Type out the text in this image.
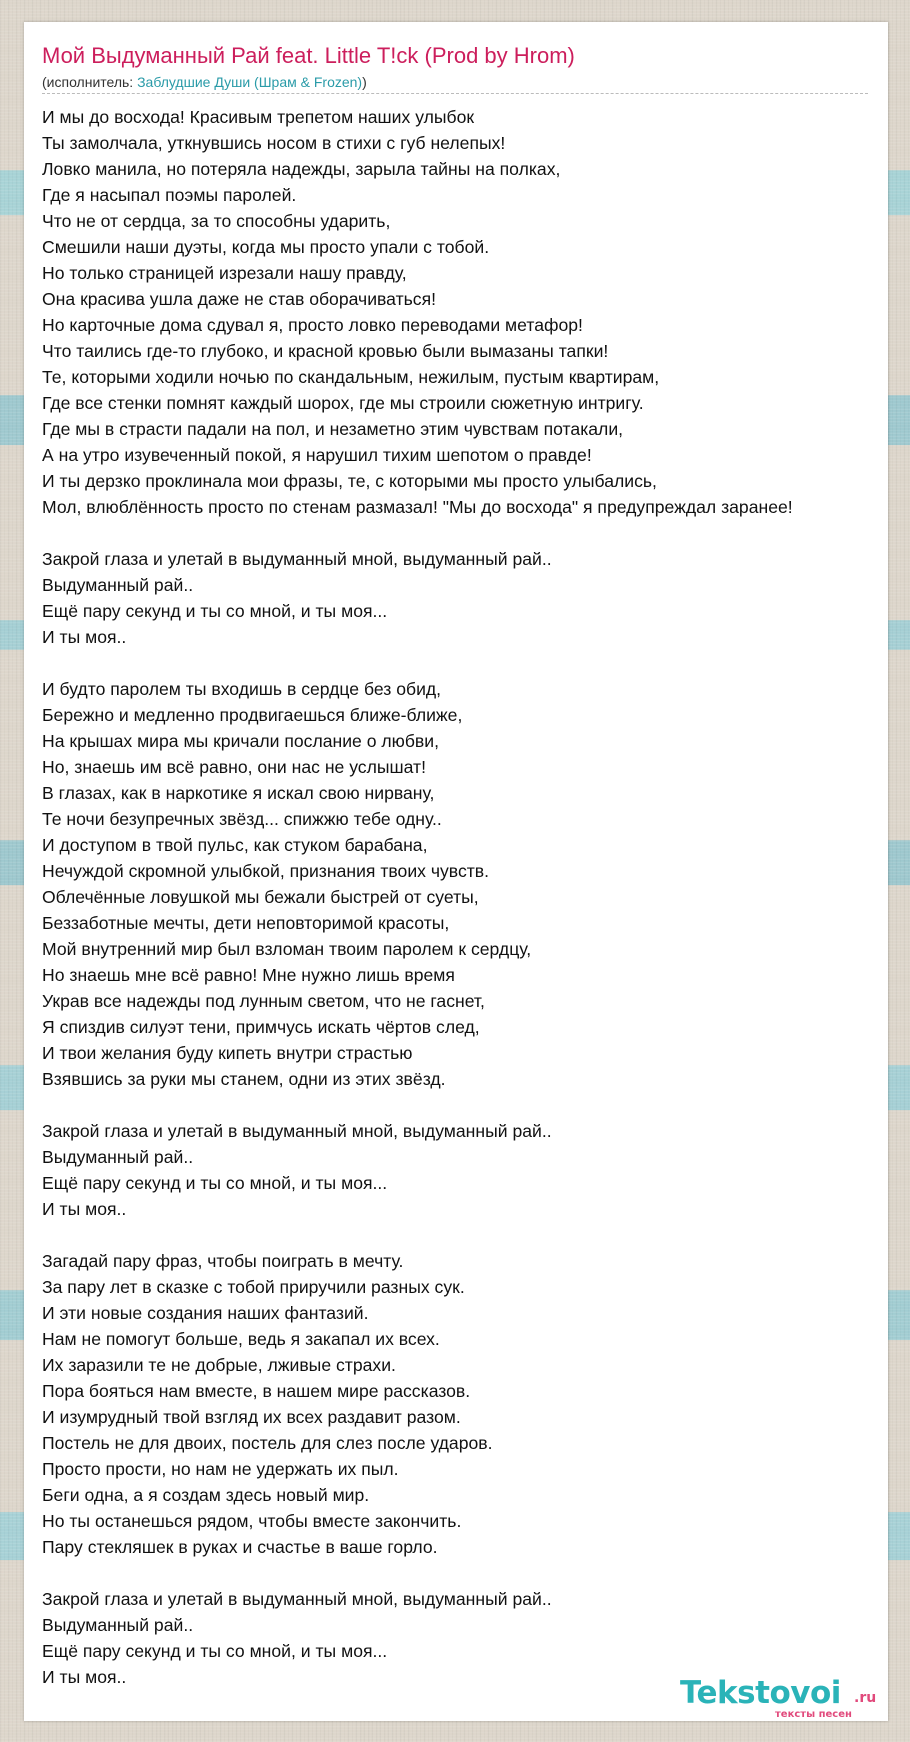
Мой Выдуманный Рай feat. Little T!ck (Prod by Hrom)
(исполнитель: Заблудшие Души (Шрам & Frozen))
И мы до восхода! Красивым трепетом наших улыбок
Ты замолчала, уткнувшись носом в стихи с губ нелепых!
Ловко манила, но потеряла надежды, зарыла тайны на полках,
Где я насыпал поэмы паролей.
Что не от сердца, за то способны ударить,
Смешили наши дуэты, когда мы просто упали с тобой.
Но только страницей изрезали нашу правду,
Она красива ушла даже не став оборачиваться!
Но карточные дома сдувал я, просто ловко переводами метафор!
Что таились где-то глубоко, и красной кровью были вымазаны тапки!
Те, которыми ходили ночью по скандальным, нежилым, пустым квартирам,
Где все стенки помнят каждый шорох, где мы строили сюжетную интригу.
Где мы в страсти падали на пол, и незаметно этим чувствам потакали,
А на утро изувеченный покой, я нарушил тихим шепотом о правде!
И ты дерзко проклинала мои фразы, те, с которыми мы просто улыбались,
Мол, влюблённость просто по стенам размазал! "Мы до восхода" я предупреждал заранее!
Закрой глаза и улетай в выдуманный мной, выдуманный рай..
Выдуманный рай..
Ещё пару секунд и ты со мной, и ты моя...
И ты моя..
И будто паролем ты входишь в сердце без обид,
Бережно и медленно продвигаешься ближе-ближе,
На крышах мира мы кричали послание о любви,
Но, знаешь им всё равно, они нас не услышат!
В глазах, как в наркотике я искал свою нирвану,
Те ночи безупречных звёзд... спижжю тебе одну..
И доступом в твой пульс, как стуком барабана,
Нечуждой скромной улыбкой, признания твоих чувств.
Облечённые ловушкой мы бежали быстрей от суеты,
Беззаботные мечты, дети неповторимой красоты,
Мой внутренний мир был взломан твоим паролем к сердцу,
Но знаешь мне всё равно! Мне нужно лишь время
Украв все надежды под лунным светом, что не гаснет,
Я спиздив силуэт тени, примчусь искать чёртов след,
И твои желания буду кипеть внутри страстью
Взявшись за руки мы станем, одни из этих звёзд.
Закрой глаза и улетай в выдуманный мной, выдуманный рай..
Выдуманный рай..
Ещё пару секунд и ты со мной, и ты моя...
И ты моя..
Загадай пару фраз, чтобы поиграть в мечту.
За пару лет в сказке с тобой приручили разных сук.
И эти новые создания наших фантазий.
Нам не помогут больше, ведь я закапал их всех.
Их заразили те не добрые, лживые страхи.
Пора бояться нам вместе, в нашем мире рассказов.
И изумрудный твой взгляд их всех раздавит разом.
Постель не для двоих, постель для слез после ударов.
Просто прости, но нам не удержать их пыл.
Беги одна, а я создам здесь новый мир.
Но ты останешься рядом, чтобы вместе закончить.
Пару стекляшек в руках и счастье в ваше горло.
Закрой глаза и улетай в выдуманный мной, выдуманный рай..
Выдуманный рай..
Ещё пару секунд и ты со мной, и ты моя...
И ты моя..	Tekstovoi .ru
тексты песен
